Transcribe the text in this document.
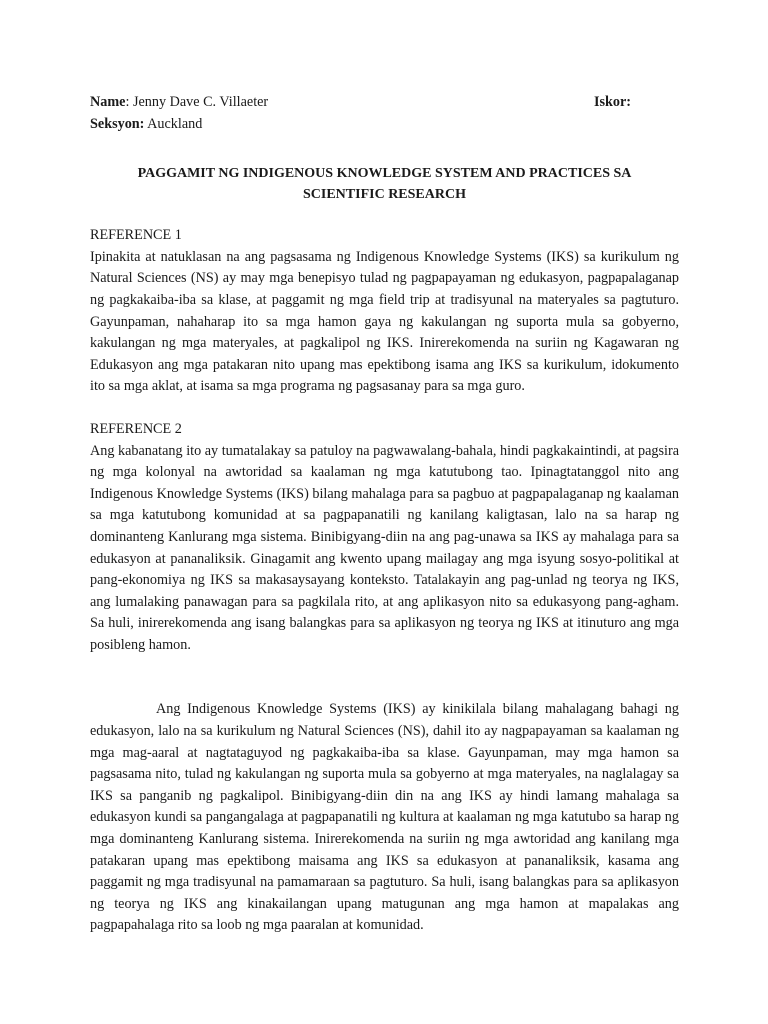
Name: Jenny Dave C. Villaeter	Iskor:
Seksyon: Auckland
PAGGAMIT NG INDIGENOUS KNOWLEDGE SYSTEM AND PRACTICES SA SCIENTIFIC RESEARCH
REFERENCE 1

Ipinakita at natuklasan na ang pagsasama ng Indigenous Knowledge Systems (IKS) sa kurikulum ng Natural Sciences (NS) ay may mga benepisyo tulad ng pagpapayaman ng edukasyon, pagpapalaganap ng pagkakaiba-iba sa klase, at paggamit ng mga field trip at tradisyunal na materyales sa pagtuturo. Gayunpaman, nahaharap ito sa mga hamon gaya ng kakulangan ng suporta mula sa gobyerno, kakulangan ng mga materyales, at pagkalipol ng IKS. Inirerekomenda na suriin ng Kagawaran ng Edukasyon ang mga patakaran nito upang mas epektibong isama ang IKS sa kurikulum, idokumento ito sa mga aklat, at isama sa mga programa ng pagsasanay para sa mga guro.

REFERENCE 2

Ang kabanatang ito ay tumatalakay sa patuloy na pagwawalang-bahala, hindi pagkakaintindi, at pagsira ng mga kolonyal na awtoridad sa kaalaman ng mga katutubong tao. Ipinagtatanggol nito ang Indigenous Knowledge Systems (IKS) bilang mahalaga para sa pagbuo at pagpapalaganap ng kaalaman sa mga katutubong komunidad at sa pagpapanatili ng kanilang kaligtasan, lalo na sa harap ng dominanteng Kanlurang mga sistema. Binibigyang-diin na ang pag-unawa sa IKS ay mahalaga para sa edukasyon at pananaliksik. Ginagamit ang kwento upang mailagay ang mga isyung sosyo-politikal at pang-ekonomiya ng IKS sa makasaysayang konteksto. Tatalakayin ang pag-unlad ng teorya ng IKS, ang lumalaking panawagan para sa pagkilala rito, at ang aplikasyon nito sa edukasyong pang-agham. Sa huli, inirerekomenda ang isang balangkas para sa aplikasyon ng teorya ng IKS at itinuturo ang mga posibleng hamon.

Ang Indigenous Knowledge Systems (IKS) ay kinikilala bilang mahalagang bahagi ng edukasyon, lalo na sa kurikulum ng Natural Sciences (NS), dahil ito ay nagpapayaman sa kaalaman ng mga mag-aaral at nagtataguyod ng pagkakaiba-iba sa klase. Gayunpaman, may mga hamon sa pagsasama nito, tulad ng kakulangan ng suporta mula sa gobyerno at mga materyales, na naglalagay sa IKS sa panganib ng pagkalipol. Binibigyang-diin din na ang IKS ay hindi lamang mahalaga sa edukasyon kundi sa pangangalaga at pagpapanatili ng kultura at kaalaman ng mga katutubo sa harap ng mga dominanteng Kanlurang sistema. Inirerekomenda na suriin ng mga awtoridad ang kanilang mga patakaran upang mas epektibong maisama ang IKS sa edukasyon at pananaliksik, kasama ang paggamit ng mga tradisyunal na pamamaraan sa pagtuturo. Sa huli, isang balangkas para sa aplikasyon ng teorya ng IKS ang kinakailangan upang matugunan ang mga hamon at mapalakas ang pagpapahalaga rito sa loob ng mga paaralan at komunidad.
